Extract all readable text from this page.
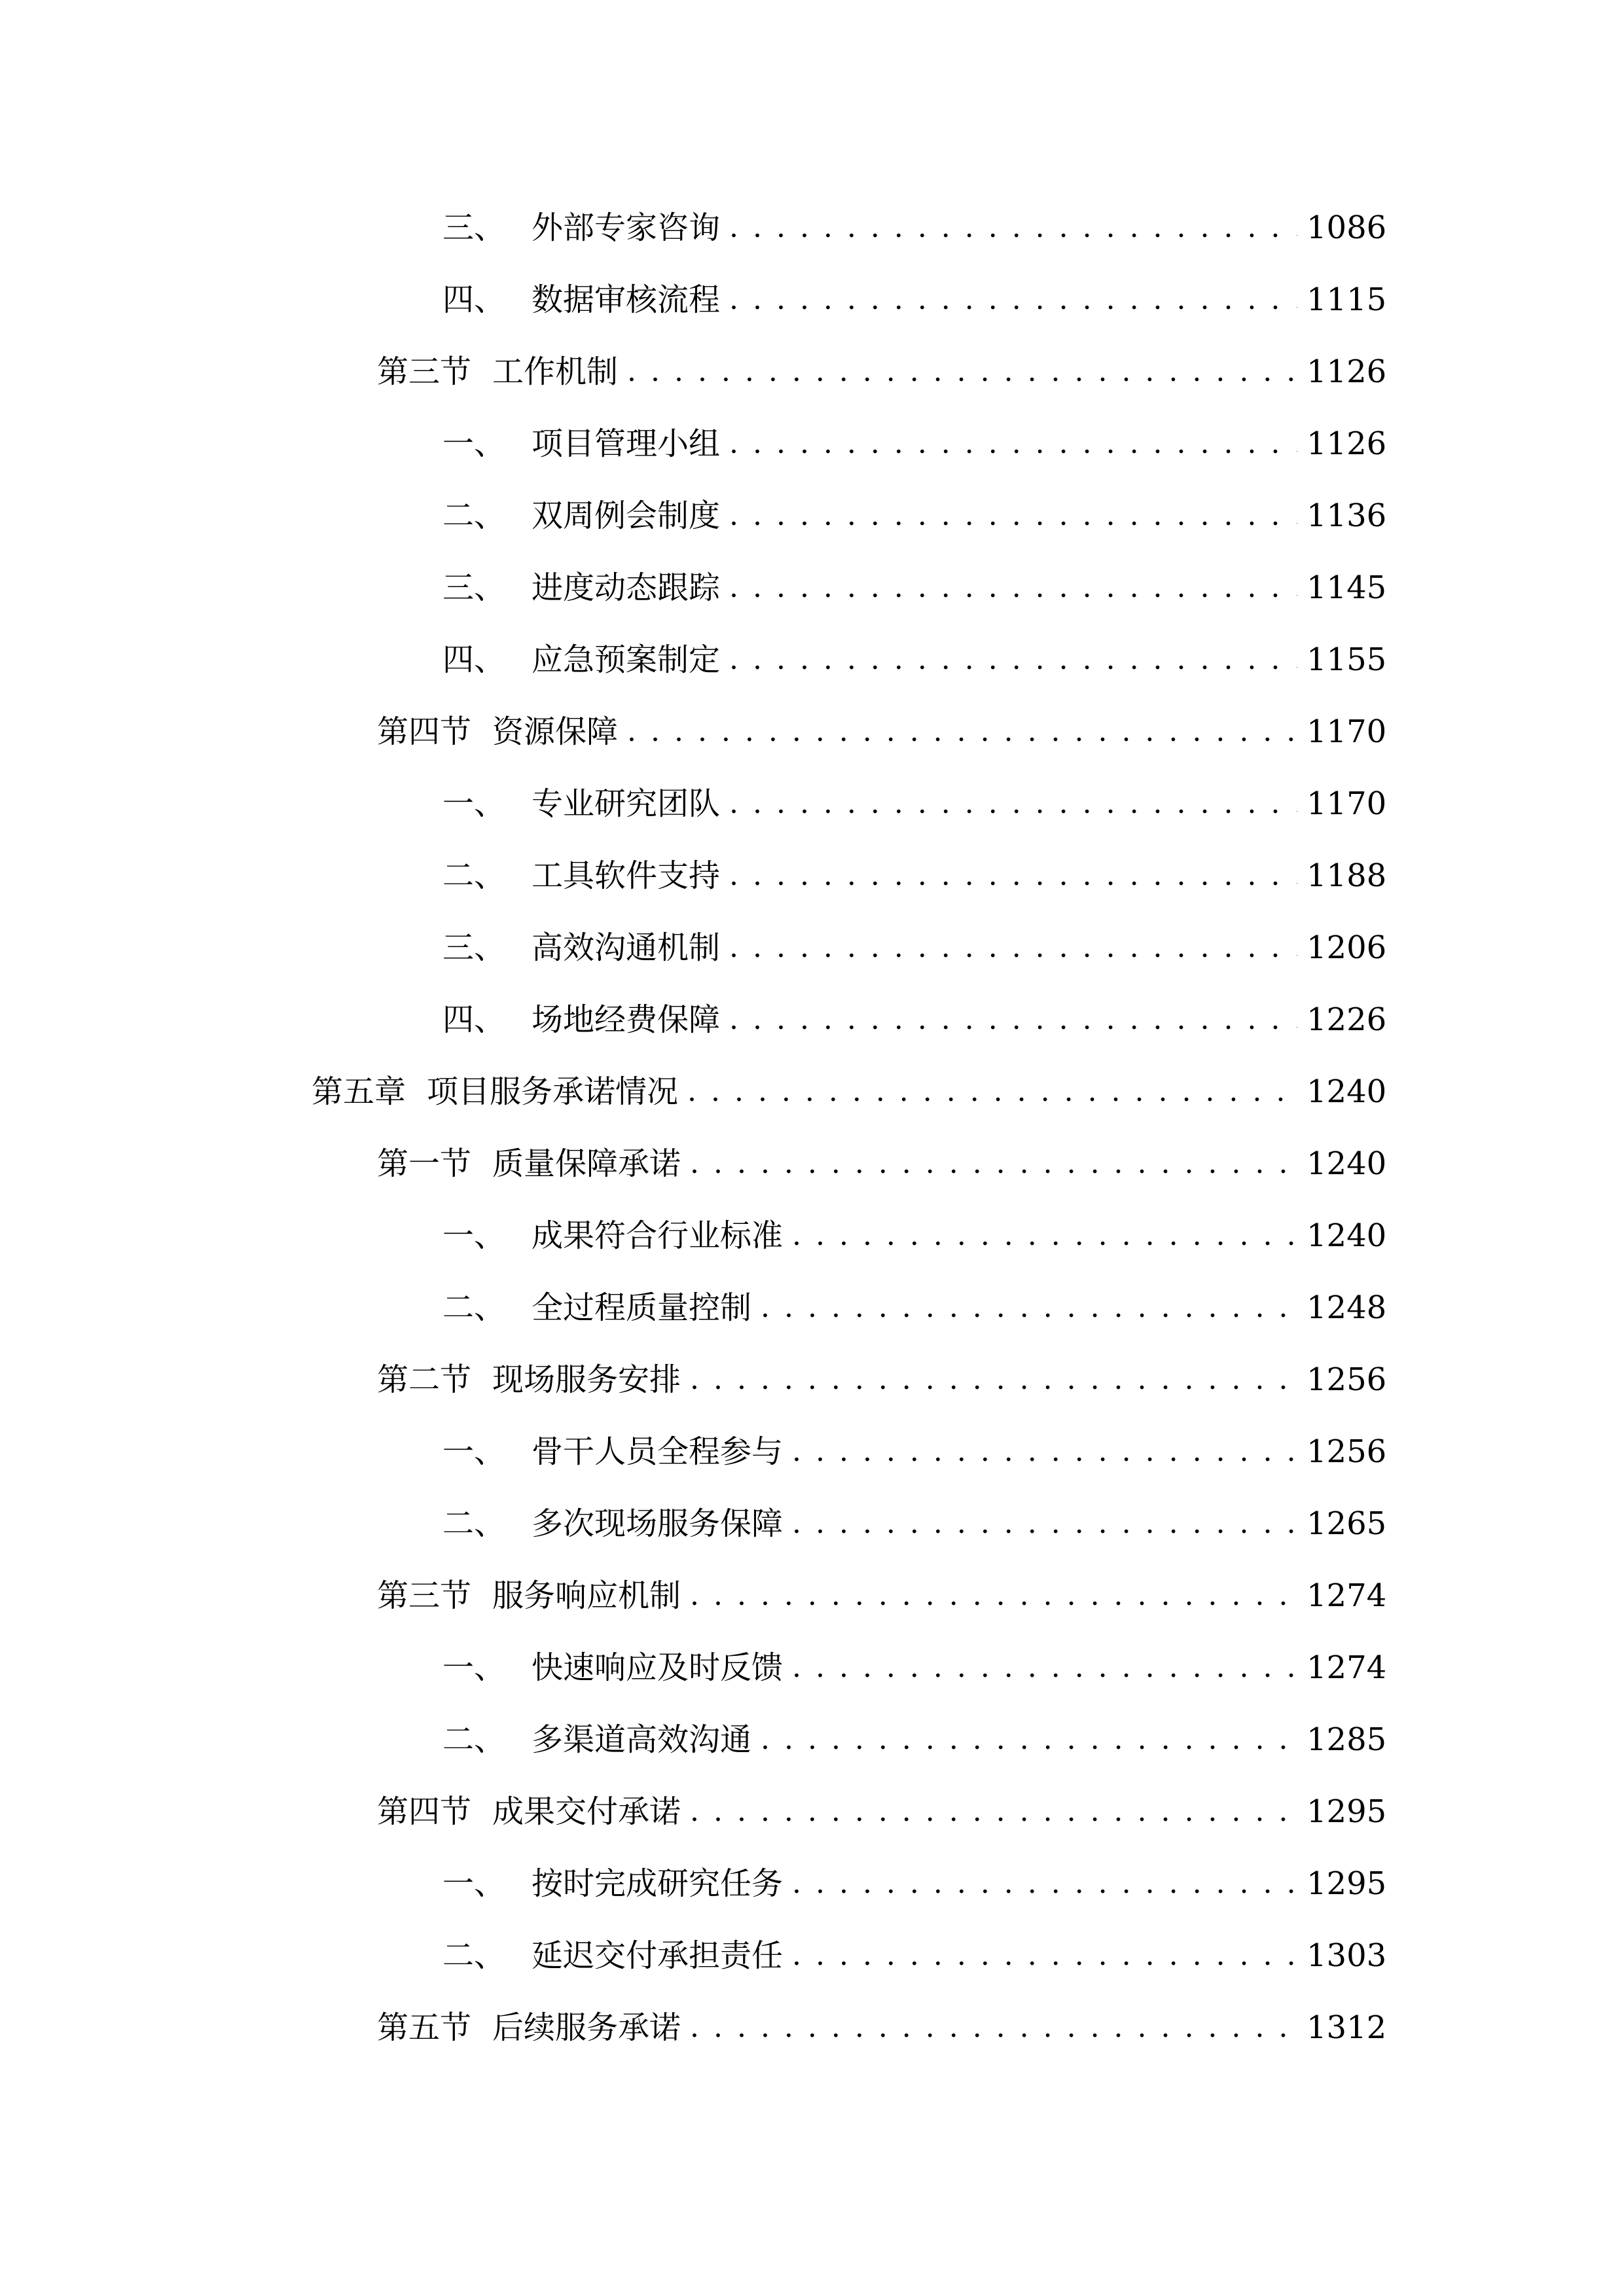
三、 外部专家咨询 . . .	1086
四、 数据审核流程 . . .	1115
第三节 工作机制 . . .	1126
一、 项目管理小组 . . .	1126
二、 双周例会制度 . . .	1136
三、 进度动态跟踪 . . .	1145
四、 应急预案制定 . . .	1155
第四节 资源保障 . . .	1170
一、 专业研究团队 . . .	1170
二、 工具软件支持 . . .	1188
三、 高效沟通机制 . . .	1206
四、 场地经费保障 . . .	1226
第五章 项目服务承诺情况 . . .	1240
第一节 质量保障承诺 . . .	1240
一、 成果符合行业标准 . . .	1240
二、 全过程质量控制 . . .	1248
第二节 现场服务安排 . . .	1256
一、 骨干人员全程参与 . . .	1256
二、 多次现场服务保障 . . .	1265
第三节 服务响应机制 . . .	1274
一、 快速响应及时反馈 . . .	1274
二、 多渠道高效沟通 . . .	1285
第四节 成果交付承诺 . . .	1295
一、 按时完成研究任务 . . .	1295
二、 延迟交付承担责任 . . .	1303
第五节 后续服务承诺 . . .	1312
